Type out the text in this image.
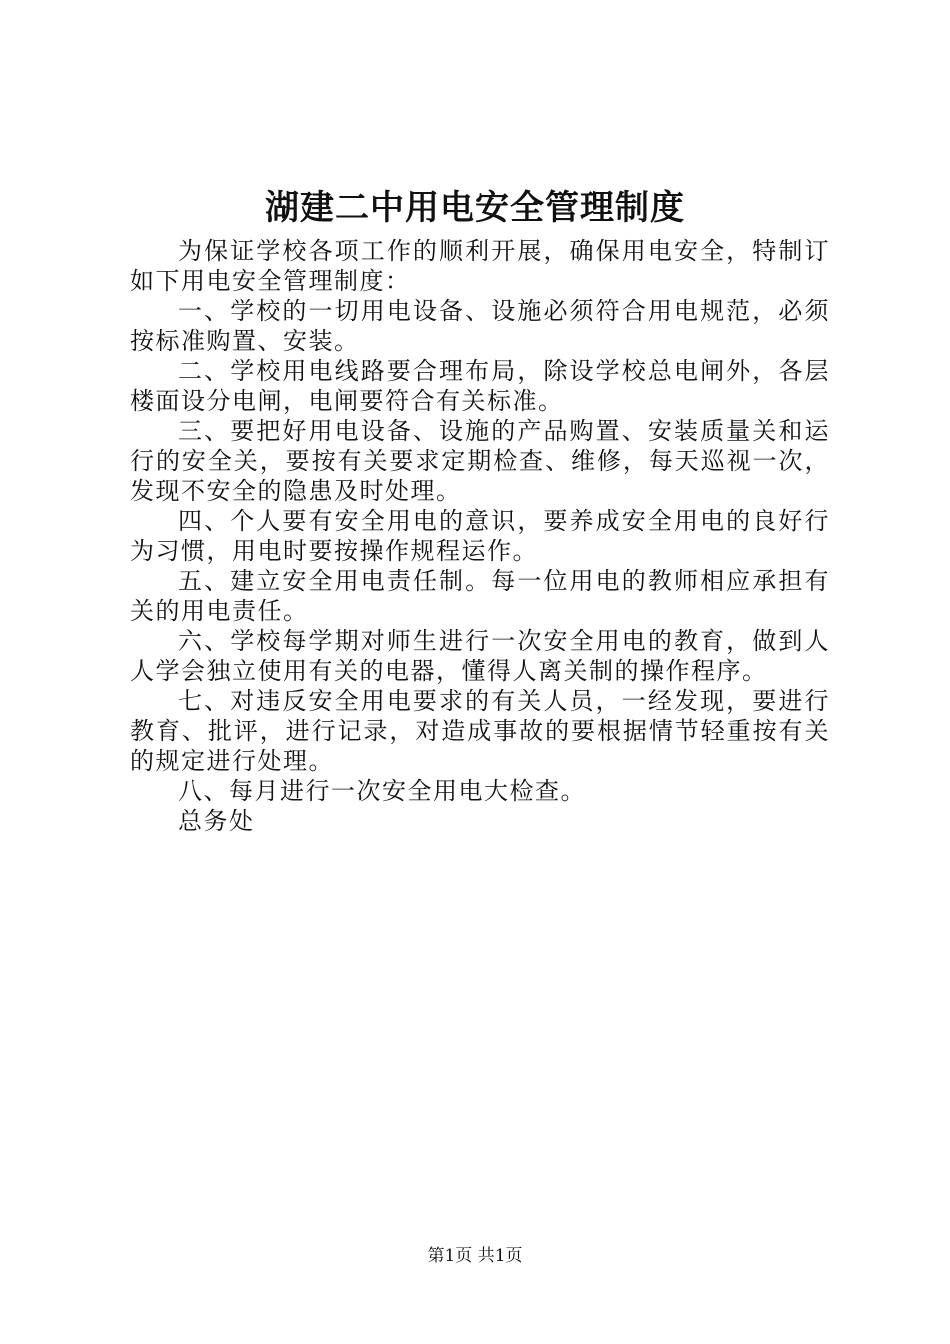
湖建二中用电安全管理制度

为保证学校各项工作的顺利开展，确保用电安全，特制订如下用电安全管理制度：

一、学校的一切用电设备、设施必须符合用电规范，必须按标准购置、安装。

二、学校用电线路要合理布局，除设学校总电闸外，各层楼面设分电闸，电闸要符合有关标准。

三、要把好用电设备、设施的产品购置、安装质量关和运行的安全关，要按有关要求定期检查、维修，每天巡视一次，发现不安全的隐患及时处理。

四、个人要有安全用电的意识，要养成安全用电的良好行为习惯，用电时要按操作规程运作。

五、建立安全用电责任制。每一位用电的教师相应承担有关的用电责任。

六、学校每学期对师生进行一次安全用电的教育，做到人人学会独立使用有关的电器，懂得人离关制的操作程序。

七、对违反安全用电要求的有关人员，一经发现，要进行教育、批评，进行记录，对造成事故的要根据情节轻重按有关的规定进行处理。

八、每月进行一次安全用电大检查。

总务处

第1页 共1页
